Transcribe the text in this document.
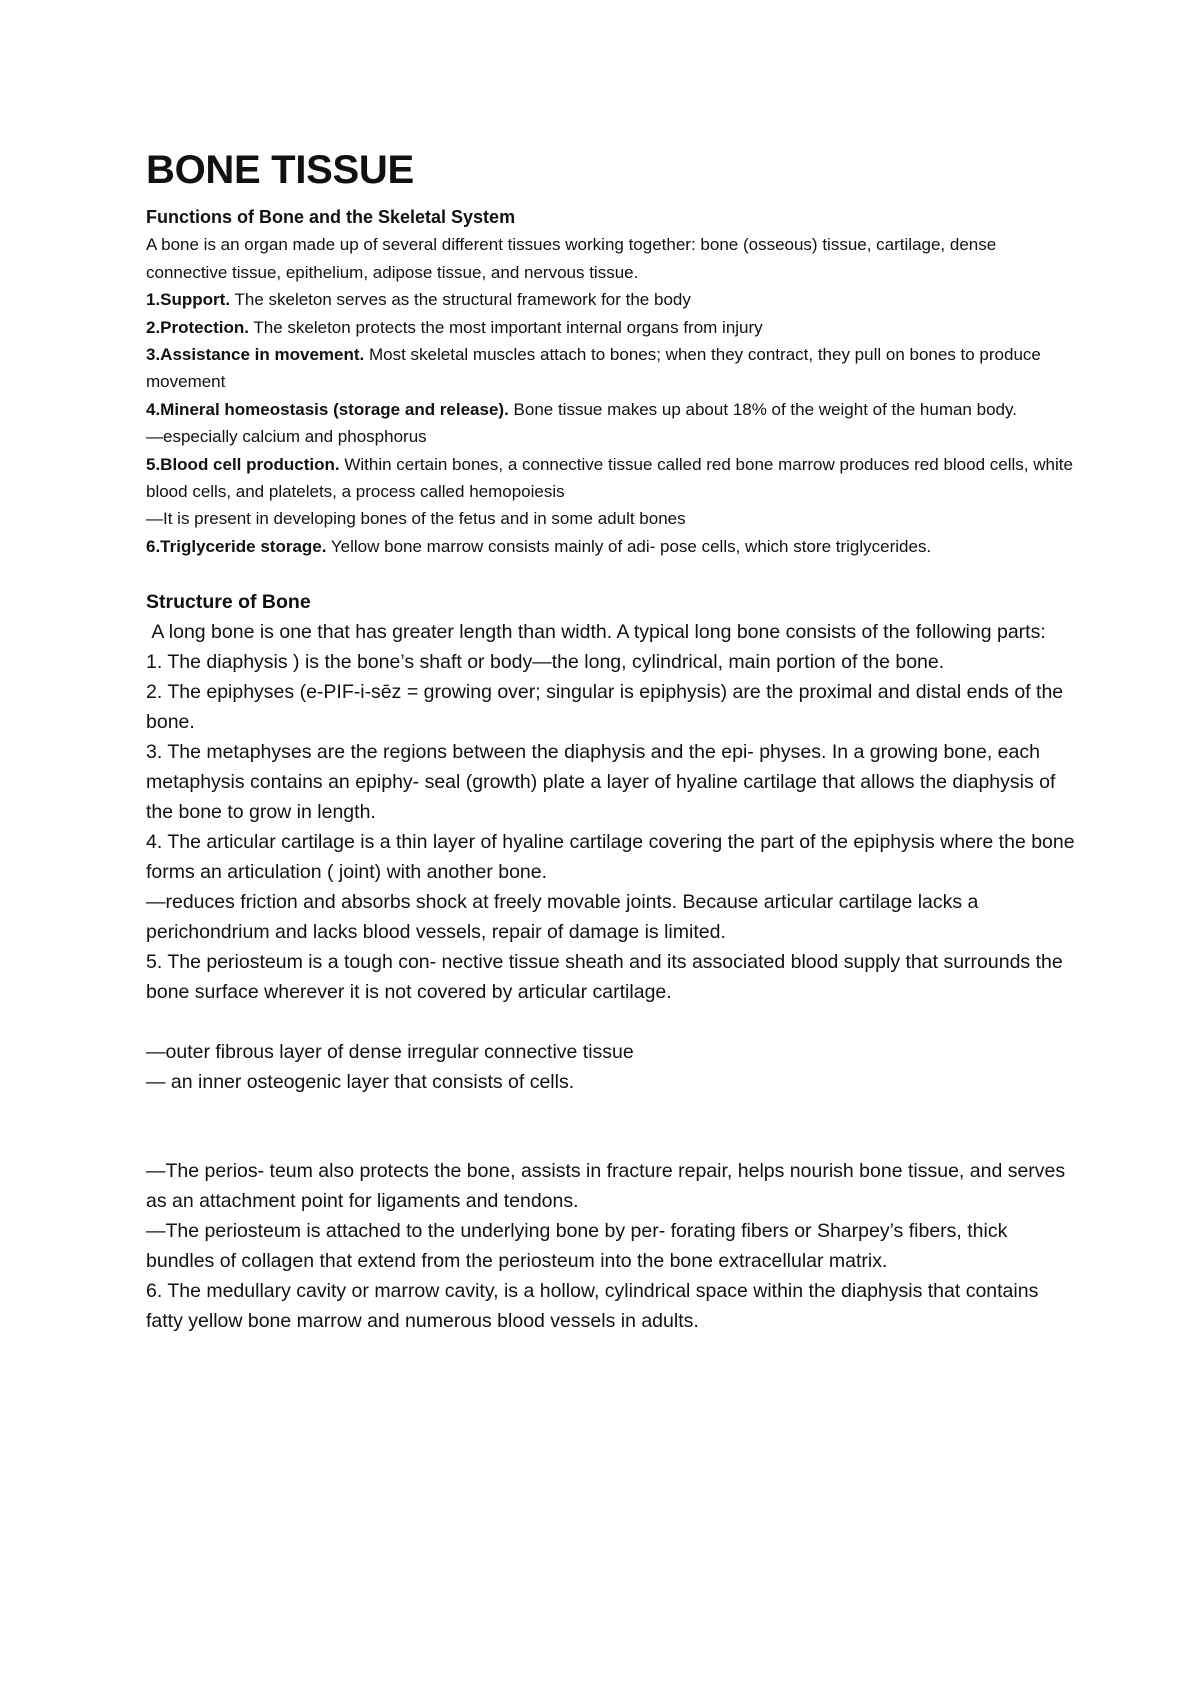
BONE TISSUE

Functions of Bone and the Skeletal System

A bone is an organ made up of several different tissues working together: bone (osseous) tissue, cartilage, dense connective tissue, epithelium, adipose tissue, and nervous tissue.

1.Support. The skeleton serves as the structural framework for the body

2.Protection. The skeleton protects the most important internal organs from injury

3.Assistance in movement. Most skeletal muscles attach to bones; when they contract, they pull on bones to produce movement

4.Mineral homeostasis (storage and release). Bone tissue makes up about 18% of the weight of the human body.

—especially calcium and phosphorus

5.Blood cell production. Within certain bones, a connective tissue called red bone marrow produces red blood cells, white blood cells, and platelets, a process called hemopoiesis

—It is present in developing bones of the fetus and in some adult bones

6.Triglyceride storage. Yellow bone marrow consists mainly of adi- pose cells, which store triglycerides.

Structure of Bone

A long bone is one that has greater length than width. A typical long bone consists of the following parts:

1. The diaphysis ) is the bone’s shaft or body—the long, cylindrical, main portion of the bone.

2. The epiphyses (e-PIF-i-sēz = growing over; singular is epiphysis) are the proximal and distal ends of the bone.

3. The metaphyses are the regions between the diaphysis and the epi- physes. In a growing bone, each metaphysis contains an epiphy- seal (growth) plate a layer of hyaline cartilage that allows the diaphysis of the bone to grow in length.

4. The articular cartilage is a thin layer of hyaline cartilage covering the part of the epiphysis where the bone forms an articulation ( joint) with another bone.

—reduces friction and absorbs shock at freely movable joints. Because articular cartilage lacks a perichondrium and lacks blood vessels, repair of damage is limited.

5. The periosteum is a tough con- nective tissue sheath and its associated blood supply that surrounds the bone surface wherever it is not covered by articular cartilage.

—outer fibrous layer of dense irregular connective tissue

— an inner osteogenic layer that consists of cells.

—The perios- teum also protects the bone, assists in fracture repair, helps nourish bone tissue, and serves as an attachment point for ligaments and tendons.

—The periosteum is attached to the underlying bone by per- forating fibers or Sharpey’s fibers, thick bundles of collagen that extend from the periosteum into the bone extracellular matrix.

6. The medullary cavity or marrow cavity, is a hollow, cylindrical space within the diaphysis that contains fatty yellow bone marrow and numerous blood vessels in adults.
